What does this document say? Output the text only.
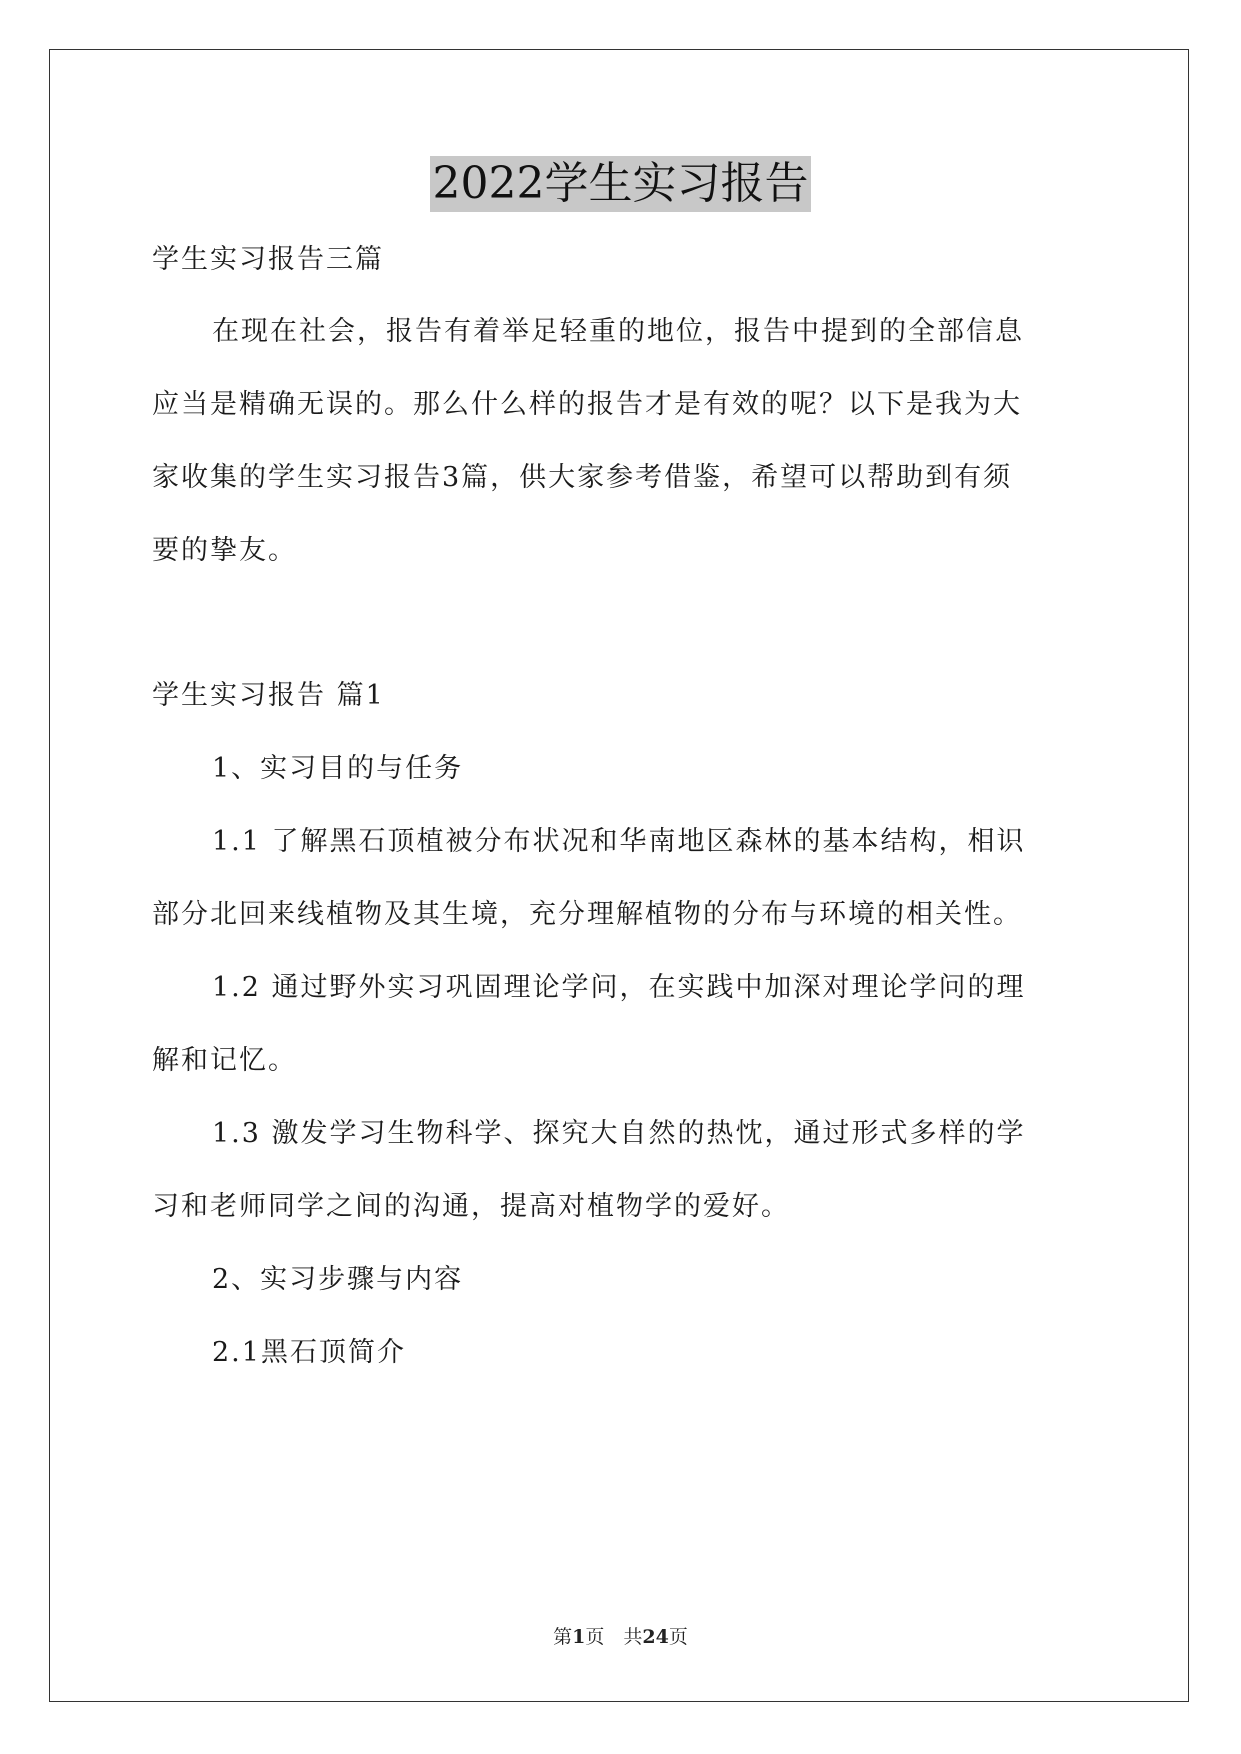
2022学生实习报告
学生实习报告三篇
在现在社会，报告有着举足轻重的地位，报告中提到的全部信息
应当是精确无误的。那么什么样的报告才是有效的呢？以下是我为大
家收集的学生实习报告3篇，供大家参考借鉴，希望可以帮助到有须
要的挚友。
学生实习报告 篇1
1、实习目的与任务
1.1 了解黑石顶植被分布状况和华南地区森林的基本结构，相识
部分北回来线植物及其生境，充分理解植物的分布与环境的相关性。
1.2 通过野外实习巩固理论学问，在实践中加深对理论学问的理
解和记忆。
1.3 激发学习生物科学、探究大自然的热忱，通过形式多样的学
习和老师同学之间的沟通，提高对植物学的爱好。
2、实习步骤与内容
2.1黑石顶简介
第1页　共24页
